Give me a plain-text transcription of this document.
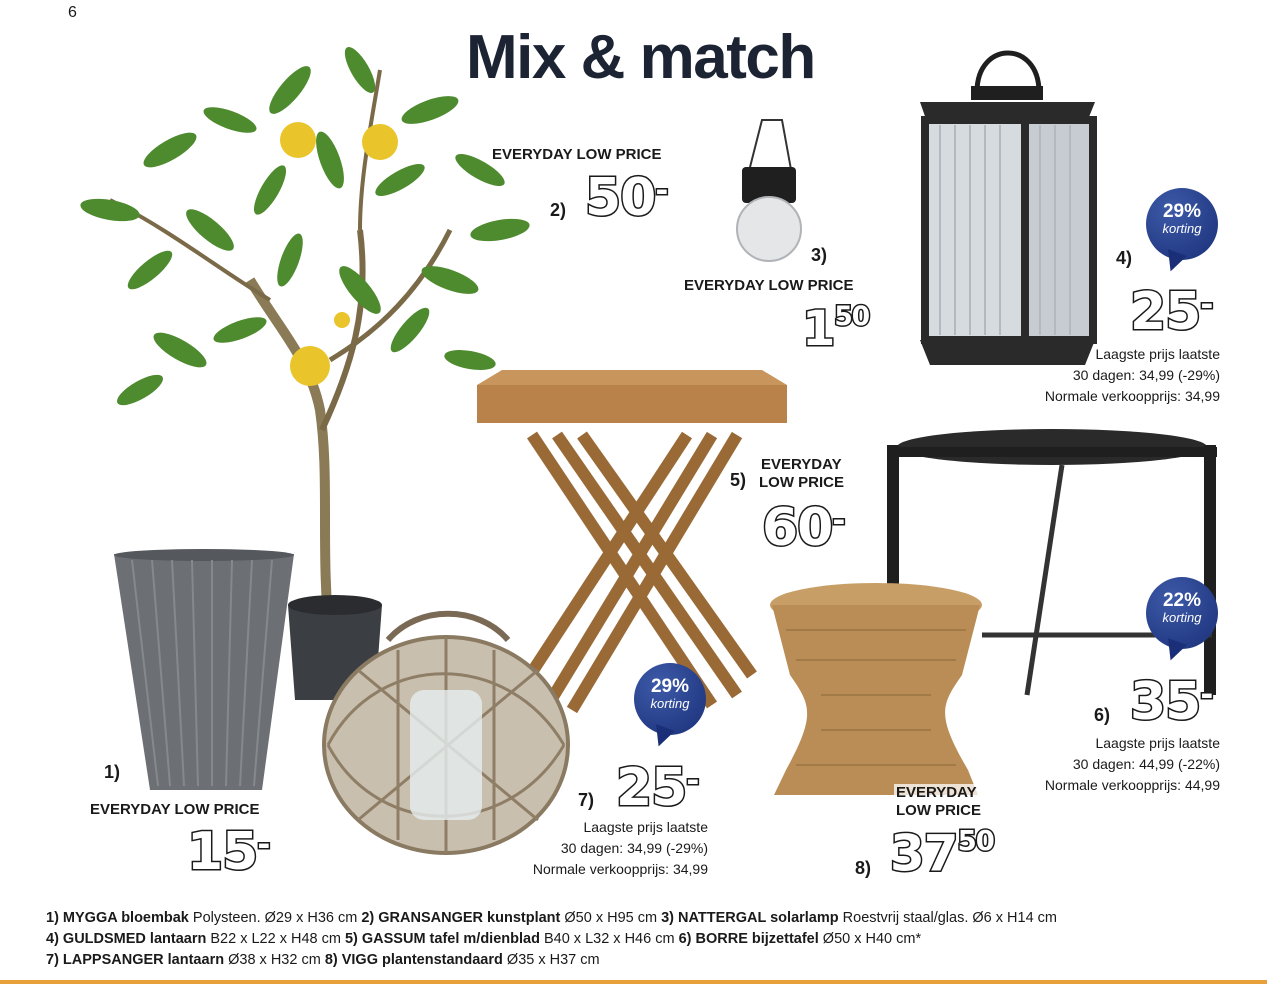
6
Mix & match
1)
EVERYDAY LOW PRICE
15-
EVERYDAY LOW PRICE
2) 50-
3)
EVERYDAY LOW PRICE
$1^{50}$
29%
korting
4)
25-
Laagste prijs laatste
30 dagen: 34,99 (-29%)
Normale verkoopprijs: 34,99
5)
EVERYDAY
LOW PRICE
60-
22%
korting
6) 35-
Laagste prijs laatste
30 dagen: 44,99 (-22%)
Normale verkoopprijs: 44,99
29%
korting
7) 25-
Laagste prijs laatste
30 dagen: 34,99 (-29%)
Normale verkoopprijs: 34,99
EVERYDAY
LOW PRICE
8) $37^{50}$
1) MYGGA bloembak Polysteen. Ø29 x H36 cm 2) GRANSANGER kunstplant Ø50 x H95 cm 3) NATTERGAL solarlamp Roestvrij staal/glas. Ø6 x H14 cm
4) GULDSMED lantaarn B22 x L22 x H48 cm 5) GASSUM tafel m/dienblad B40 x L32 x H46 cm 6) BORRE bijzettafel Ø50 x H40 cm*
7) LAPPSANGER lantaarn Ø38 x H32 cm 8) VIGG plantenstandaard Ø35 x H37 cm
